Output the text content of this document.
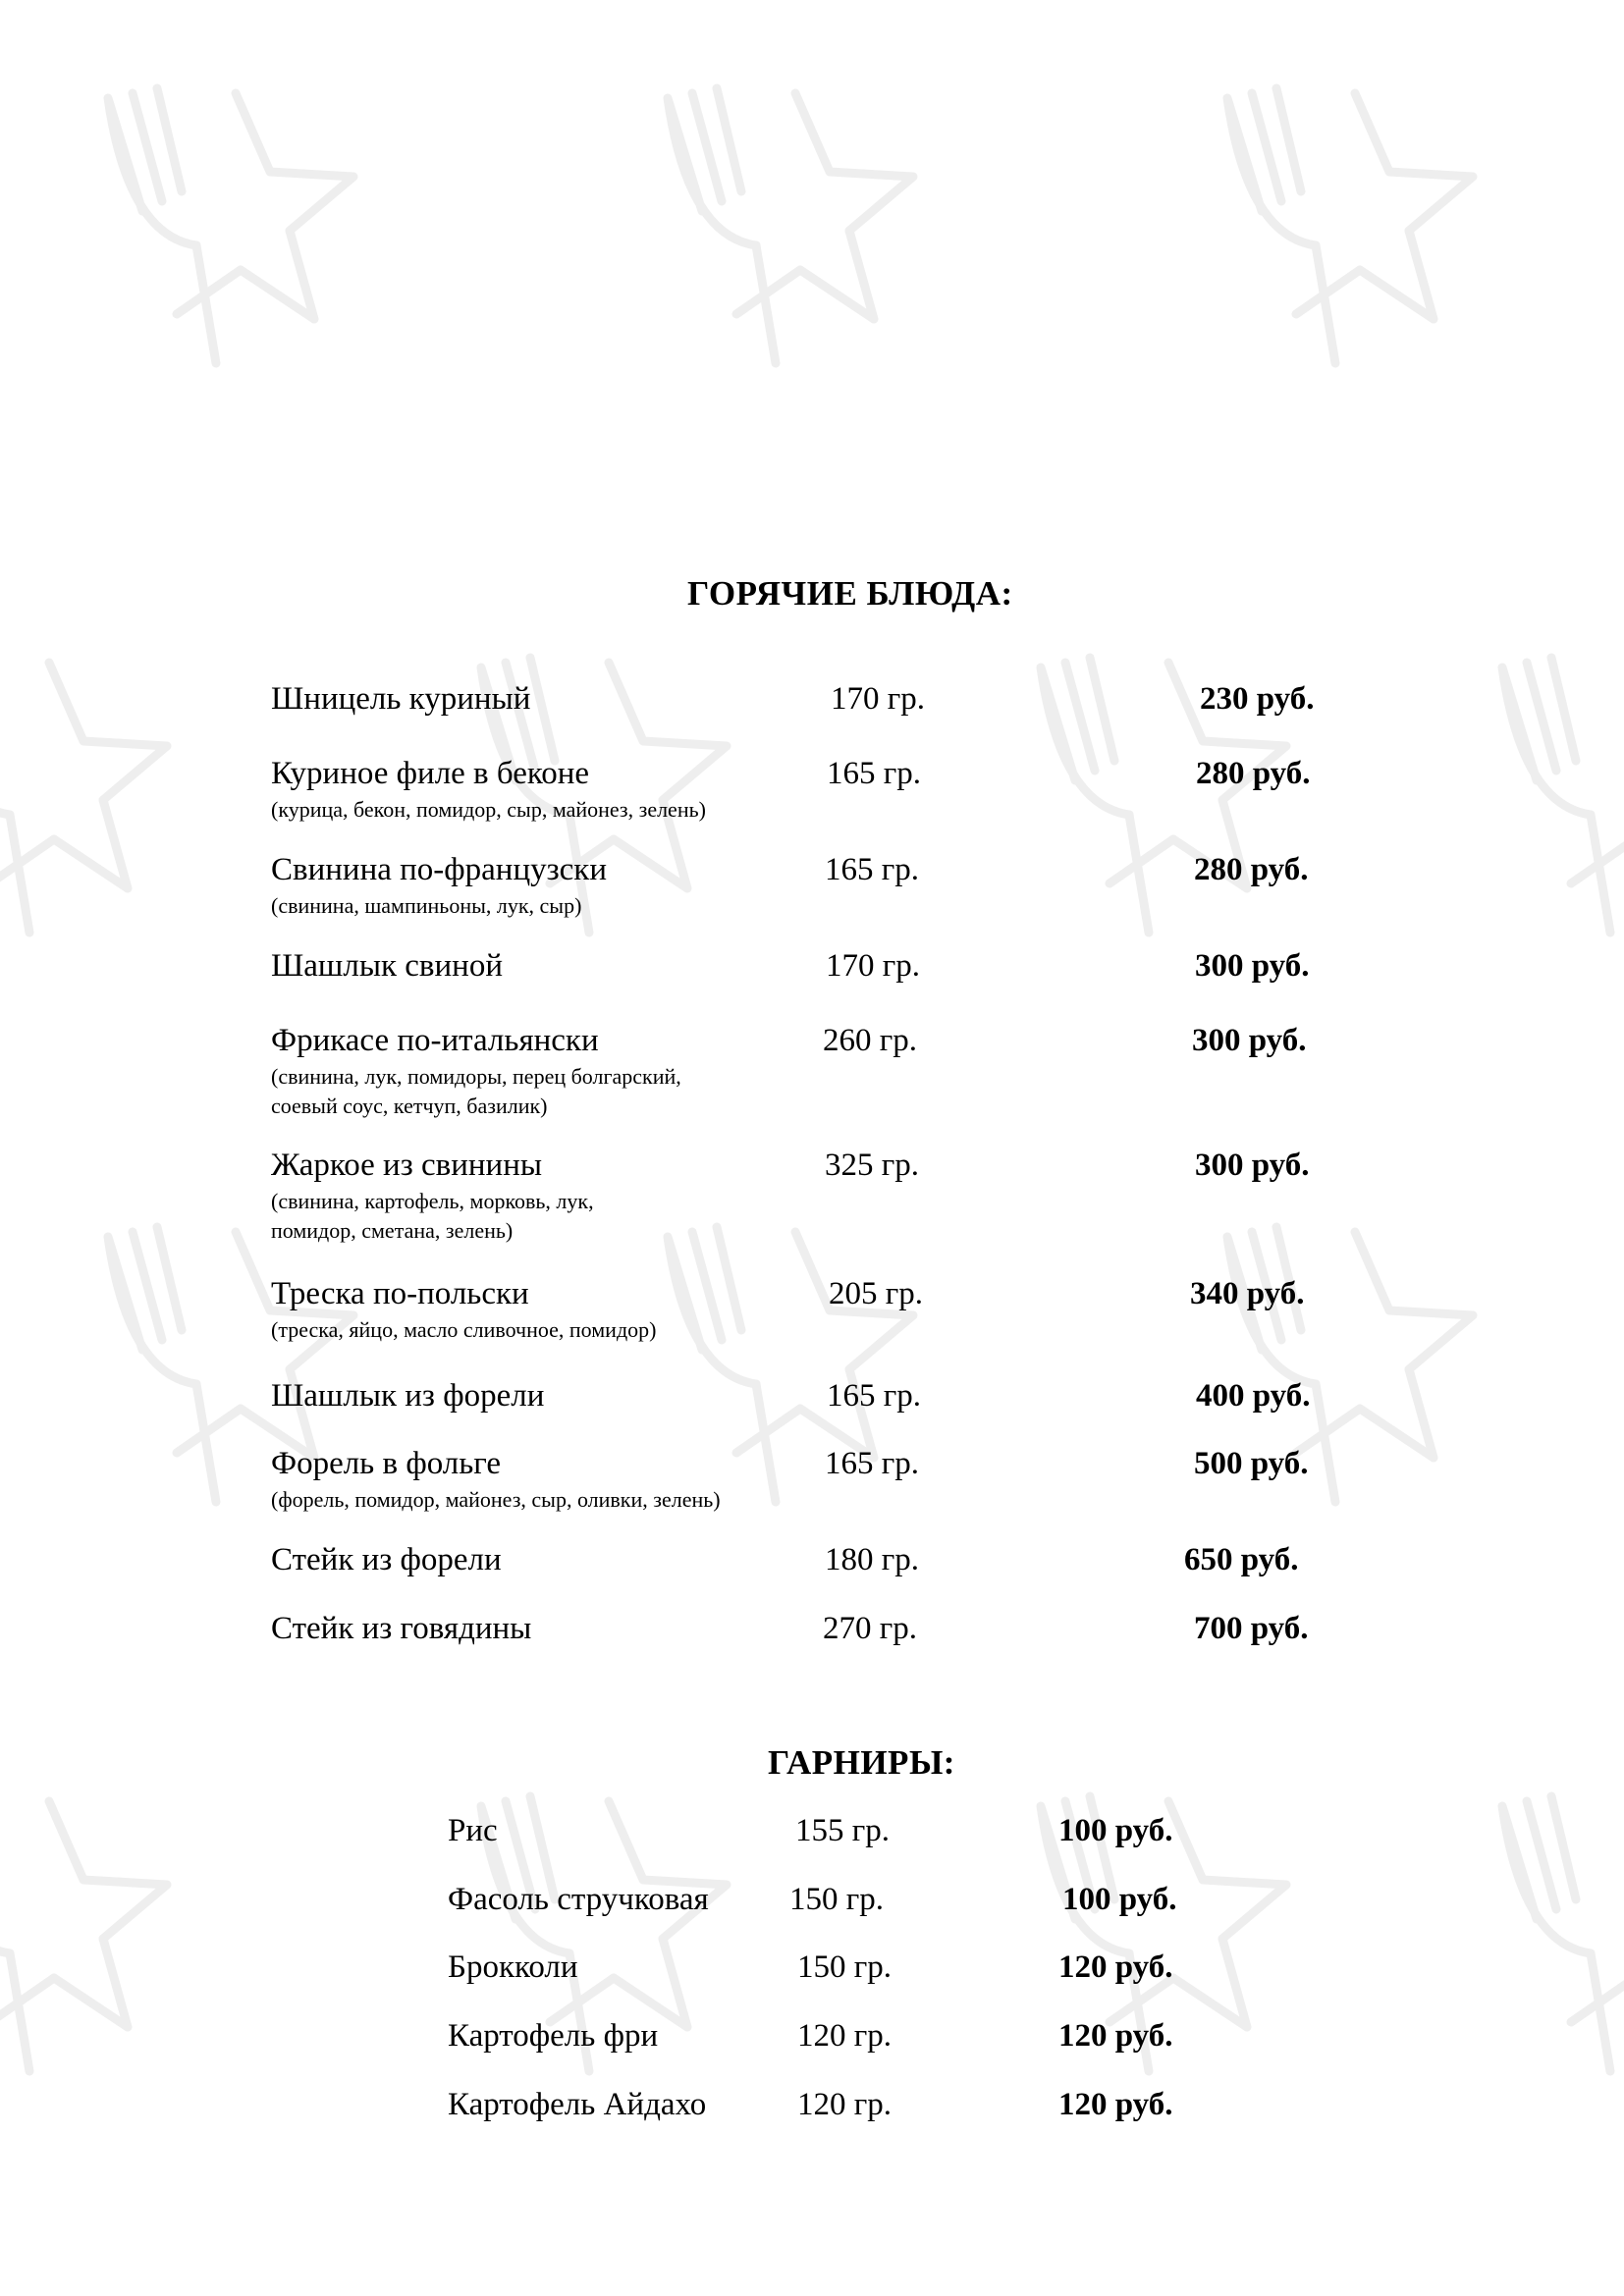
ГОРЯЧИЕ БЛЮДА:
Шницель куриный	170 гр.	230 руб.
Куриное филе в беконе
(курица, бекон, помидор, сыр, майонез, зелень)
165 гр.	280 руб.
Свинина по-французски
(свинина, шампиньоны, лук, сыр)
165 гр.	280 руб.
Шашлык свиной	170 гр.	300 руб.
Фрикасе по-итальянски
(свинина, лук, помидоры, перец болгарский,
соевый соус, кетчуп, базилик)
260 гр.	300 руб.
Жаркое из свинины
(свинина, картофель, морковь, лук,
помидор, сметана, зелень)
325 гр.	300 руб.
Треска по-польски
(треска, яйцо, масло сливочное, помидор)
205 гр.	340 руб.
Шашлык из форели	165 гр.	400 руб.
Форель в фольге
(форель, помидор, майонез, сыр, оливки, зелень)
165 гр.	500 руб.
Стейк из форели	180 гр.	650 руб.
Стейк из говядины	270 гр.	700 руб.
ГАРНИРЫ:
Рис	155 гр.	100 руб.
Фасоль стручковая 150 гр.	100 руб.
Брокколи	150 гр.	120 руб.
Картофель фри	120 гр.	120 руб.
Картофель Айдахо	120 гр.	120 руб.
